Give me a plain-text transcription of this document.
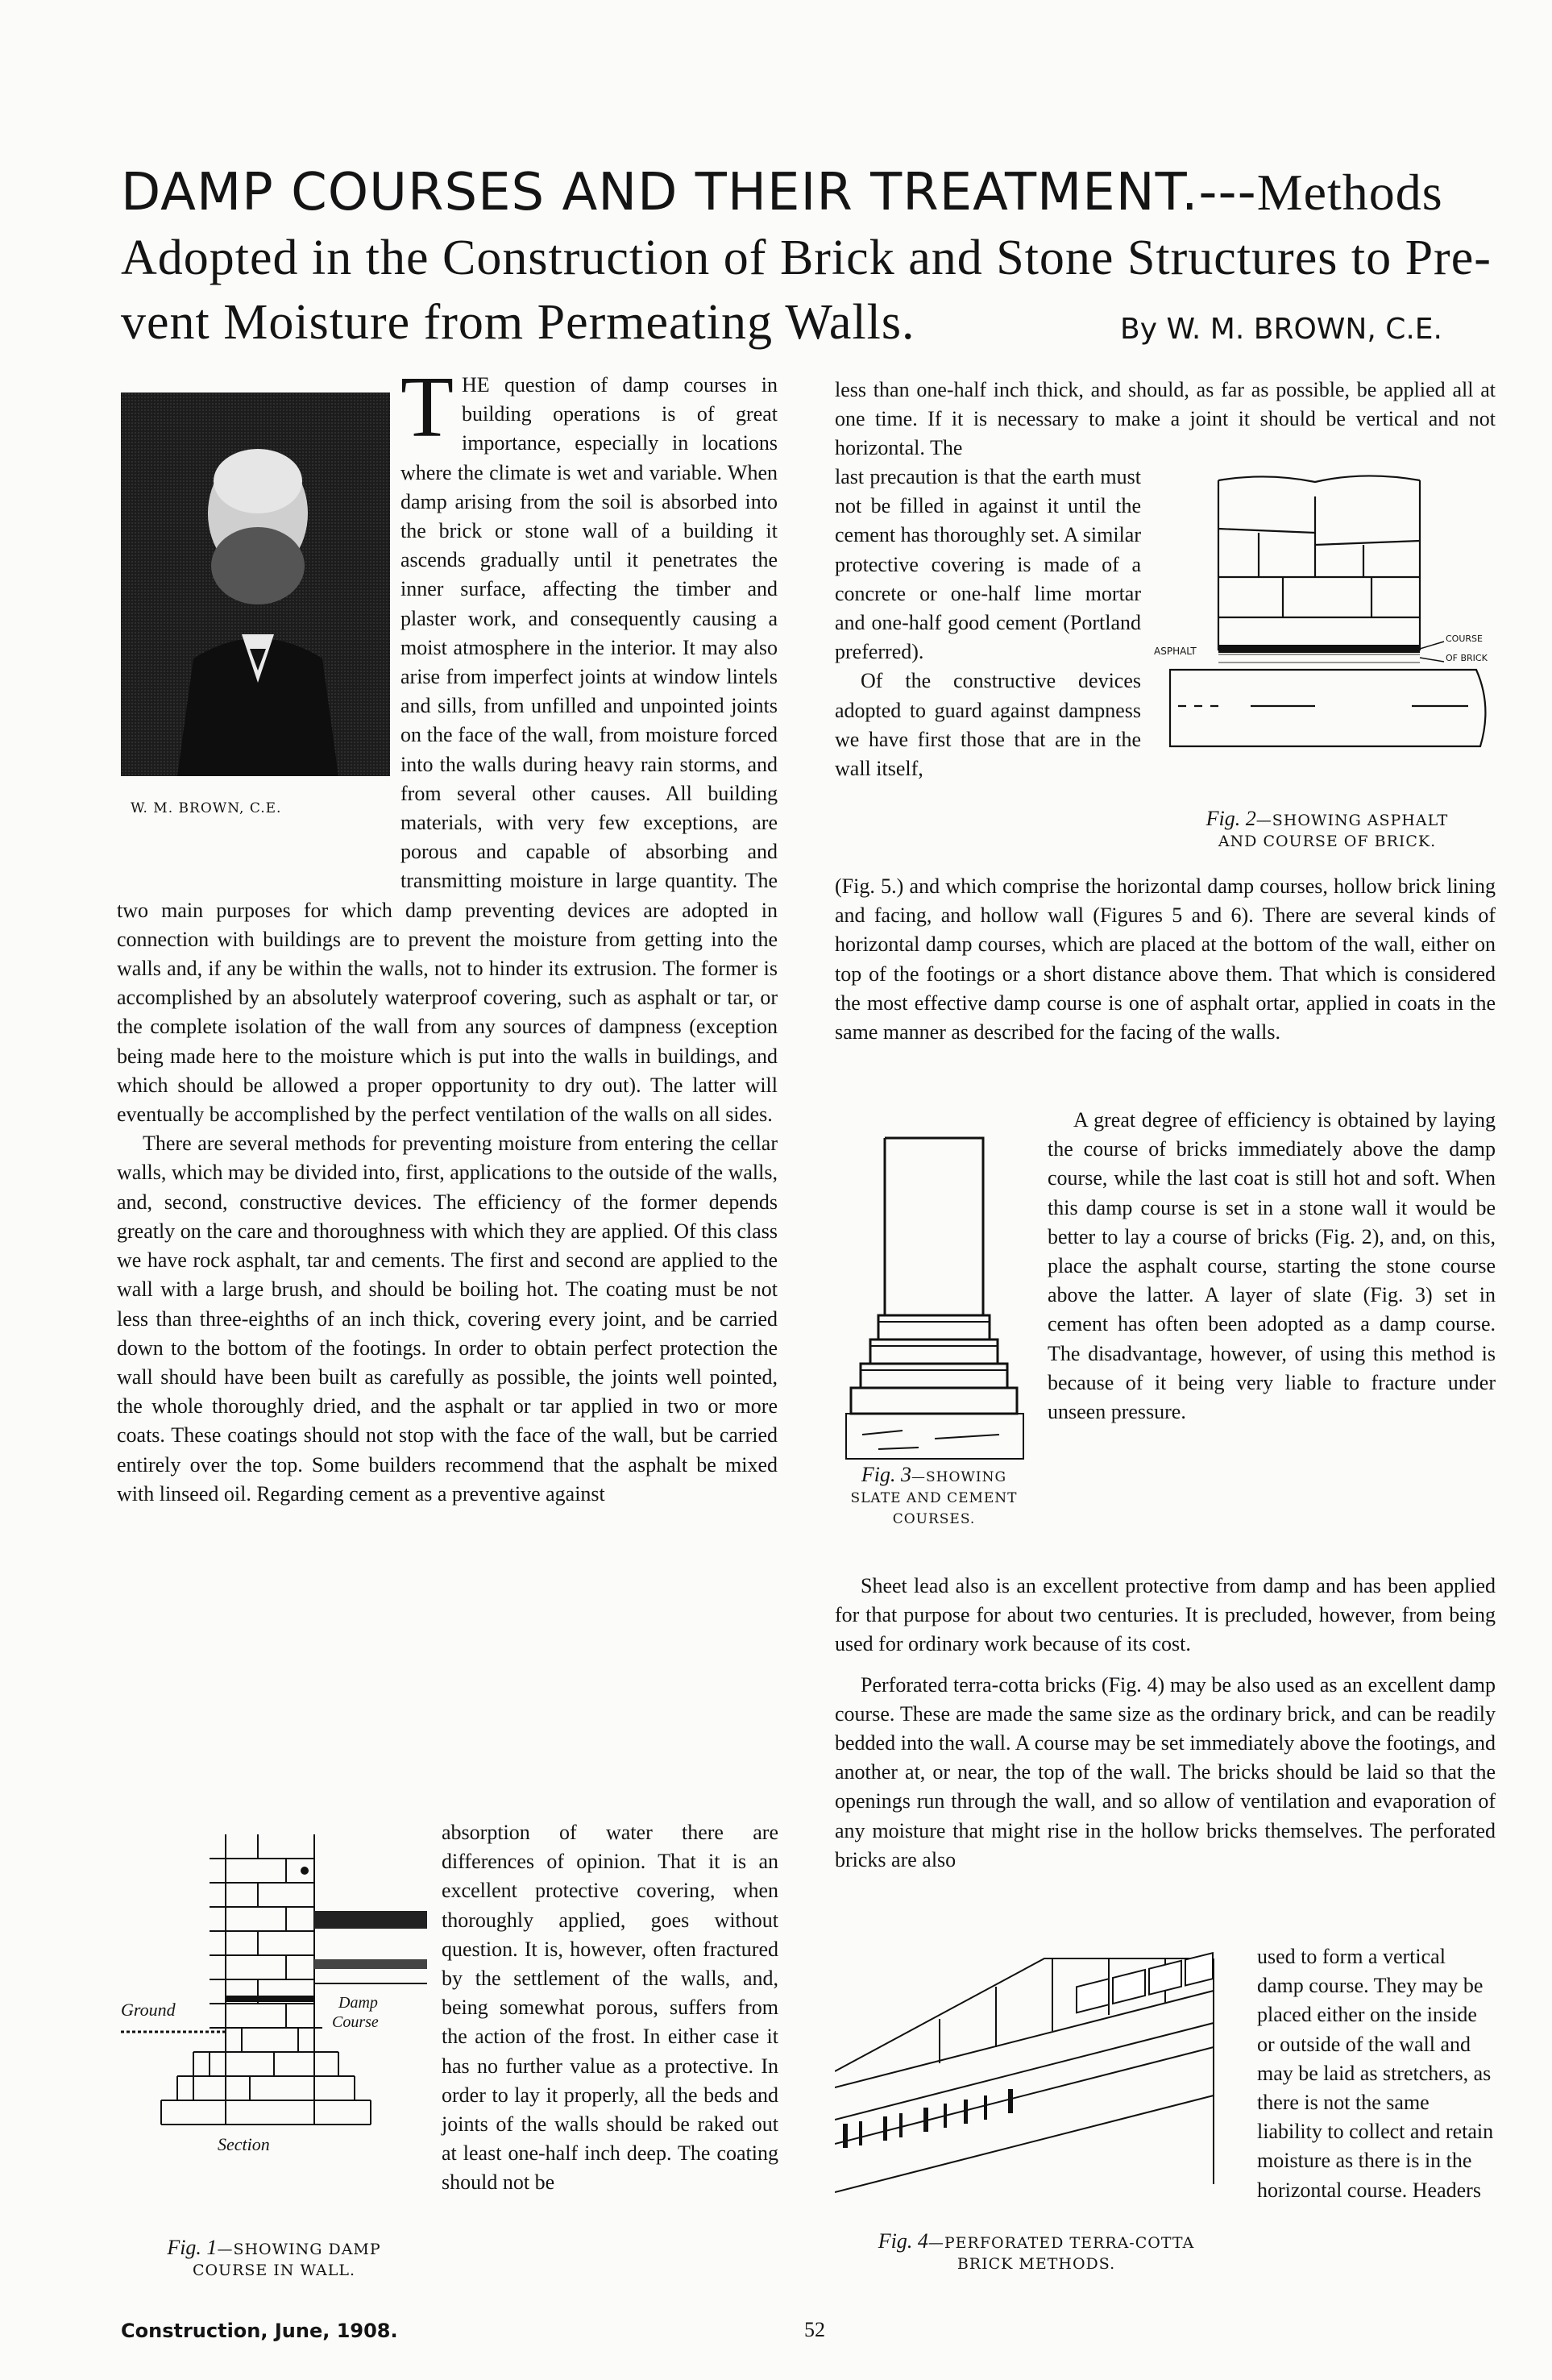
DAMP COURSES AND THEIR TREATMENT.---Methods
Adopted in the Construction of Brick and Stone Structures to Pre-
vent Moisture from Permeating Walls.	By W. M. BROWN, C.E.
W. M. BROWN, C.E.

THE question of damp courses in building operations is of great importance, especially in locations where the climate is wet and variable. When damp arising from the soil is absorbed into the brick or stone wall of a building it ascends gradually until it penetrates the inner surface, affecting the timber and plaster work, and consequently causing a moist atmosphere in the interior. It may also arise from imperfect joints at window lintels and sills, from unfilled and unpointed joints on the face of the wall, from moisture forced into the walls during heavy rain storms, and from several other causes. All building materials, with very few exceptions, are porous and capable of absorbing and transmitting moisture in large quantity. The two main purposes for which damp preventing devices are adopted in connection with buildings are to prevent the moisture from getting into the walls and, if any be within the walls, not to hinder its extrusion. The former is accomplished by an absolutely waterproof covering, such as asphalt or tar, or the complete isolation of the wall from any sources of dampness (exception being made here to the moisture which is put into the walls in buildings, and which should be allowed a proper opportunity to dry out). The latter will eventually be accomplished by the perfect ventilation of the walls on all sides.

There are several methods for preventing moisture from entering the cellar walls, which may be divided into, first, applications to the outside of the walls, and, second, constructive devices. The efficiency of the former depends greatly on the care and thoroughness with which they are applied. Of this class we have rock asphalt, tar and cements. The first and second are applied to the wall with a large brush, and should be boiling hot. The coating must be not less than three-eighths of an inch thick, covering every joint, and be carried down to the bottom of the footings. In order to obtain perfect protection the wall should have been built as carefully as possible, the joints well pointed, the whole thoroughly dried, and the asphalt or tar applied in two or more coats. These coatings should not stop with the face of the wall, but be carried entirely over the top. Some builders recommend that the asphalt be mixed with linseed oil. Regarding cement as a preventive against

Ground	Damp
Course
Section
Fig. 1—SHOWING DAMP
COURSE IN WALL.

absorption of water there are differences of opinion. That it is an excellent protective covering, when thoroughly applied, goes without question. It is, however, often fractured by the settlement of the walls, and, being somewhat porous, suffers from the action of the frost. In either case it has no further value as a protective. In order to lay it properly, all the beds and joints of the walls should be raked out at least one-half inch deep. The coating should not be

less than one-half inch thick, and should, as far as possible, be applied all at one time. If it is necessary to make a joint it should be vertical and not horizontal. The

last precaution is that the earth must not be filled in against it until the cement has thoroughly set. A similar protective covering is made of a concrete or one-half lime mortar and one-half good cement (Portland preferred).

Of the constructive devices adopted to guard against dampness we have first those that are in the wall itself,

ASPHALT
COURSE
OF BRICK
Fig. 2—SHOWING ASPHALT
AND COURSE OF BRICK.

(Fig. 5.) and which comprise the horizontal damp courses, hollow brick lining and facing, and hollow wall (Figures 5 and 6). There are several kinds of horizontal damp courses, which are placed at the bottom of the wall, either on top of the footings or a short distance above them. That which is considered the most effective damp course is one of asphalt ortar, applied in coats in the same manner as described for the facing of the walls.

Fig. 3—SHOWING
SLATE AND CEMENT
COURSES.

A great degree of efficiency is obtained by laying the course of bricks immediately above the damp course, while the last coat is still hot and soft. When this damp course is set in a stone wall it would be better to lay a course of bricks (Fig. 2), and, on this, place the asphalt course, starting the stone course above the latter. A layer of slate (Fig. 3) set in cement has often been adopted as a damp course. The disadvantage, however, of using this method is because of it being very liable to fracture under unseen pressure.

Sheet lead also is an excellent protective from damp and has been applied for that purpose for about two centuries. It is precluded, however, from being used for ordinary work because of its cost.

Perforated terra-cotta bricks (Fig. 4) may be also used as an excellent damp course. These are made the same size as the ordinary brick, and can be readily bedded into the wall. A course may be set immediately above the footings, and another at, or near, the top of the wall. The bricks should be laid so that the openings run through the wall, and so allow of ventilation and evaporation of any moisture that might rise in the hollow bricks themselves. The perforated bricks are also

Fig. 4—PERFORATED TERRA-COTTA
BRICK METHODS.

used to form a vertical damp course. They may be placed either on the inside or outside of the wall and may be laid as stretchers, as there is not the same liability to collect and retain moisture as there is in the horizontal course. Headers

Construction, June, 1908.	52
